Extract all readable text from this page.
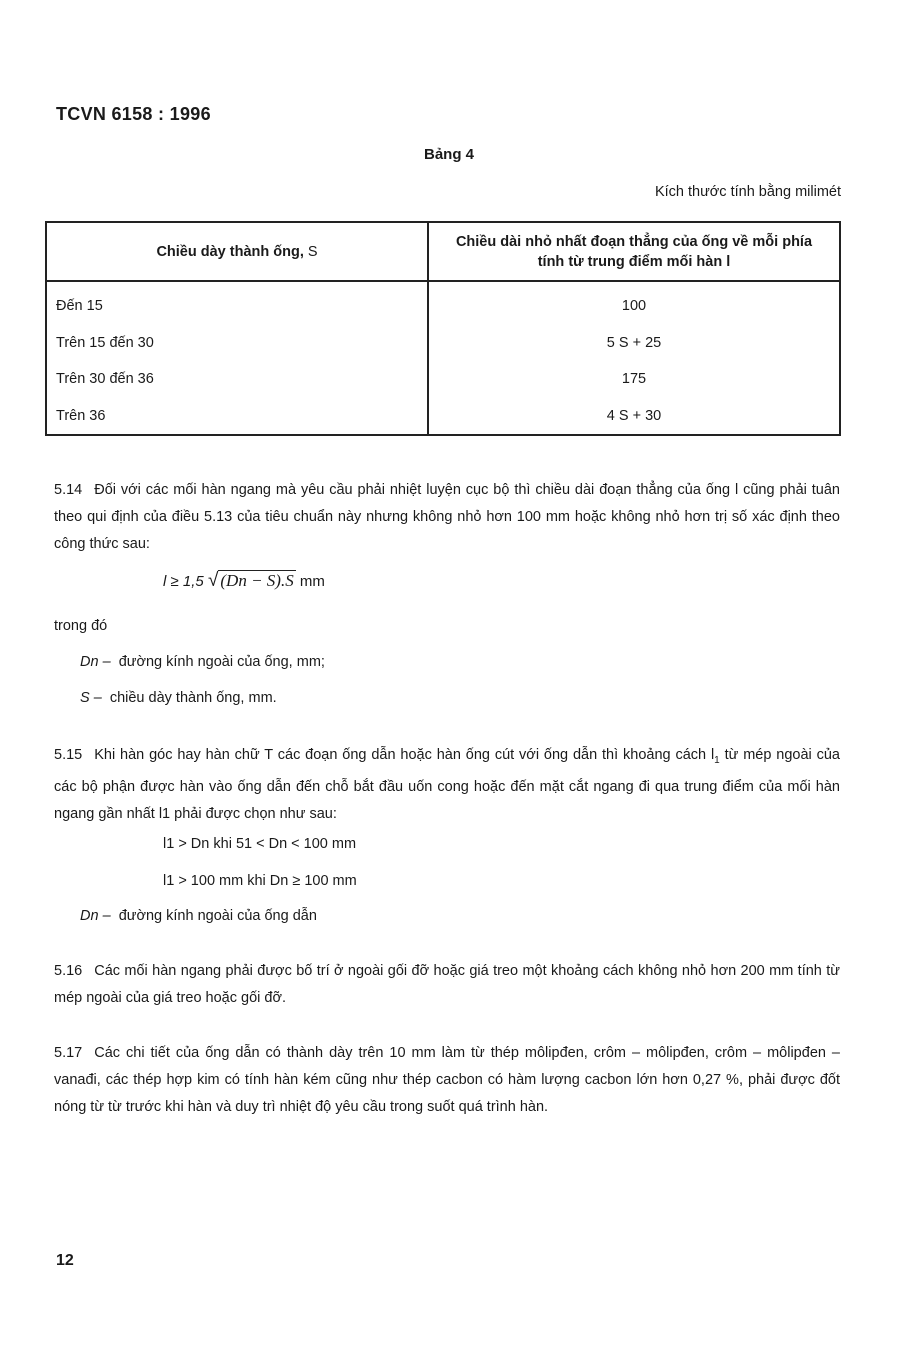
TCVN 6158 : 1996
Bảng 4
Kích thước tính bằng milimét
Chiều dày thành ống, S	Chiều dài nhỏ nhất đoạn thẳng của ống về mỗi phía tính từ trung điểm mối hàn l
Đến 15	100
Trên 15 đến 30	5 S + 25
Trên 30 đến 36	175
Trên 36	4 S + 30
5.14 Đối với các mối hàn ngang mà yêu cầu phải nhiệt luyện cục bộ thì chiều dài đoạn thẳng của ống l cũng phải tuân theo qui định của điều 5.13 của tiêu chuẩn này nhưng không nhỏ hơn 100 mm hoặc không nhỏ hơn trị số xác định theo công thức sau:
l ≥ 1,5 √ (Dn − S).S mm
trong đó
Dn – đường kính ngoài của ống, mm;
S – chiều dày thành ống, mm.
5.15 Khi hàn góc hay hàn chữ T các đoạn ống dẫn hoặc hàn ống cút với ống dẫn thì khoảng cách $l_1$ từ mép ngoài của các bộ phận được hàn vào ống dẫn đến chỗ bắt đầu uốn cong hoặc đến mặt cắt ngang đi qua trung điểm của mối hàn ngang gần nhất l1 phải được chọn như sau:
l1 > Dn khi 51 < Dn < 100 mm
l1 > 100 mm khi Dn ≥ 100 mm
Dn – đường kính ngoài của ống dẫn
5.16 Các mối hàn ngang phải được bố trí ở ngoài gối đỡ hoặc giá treo một khoảng cách không nhỏ hơn 200 mm tính từ mép ngoài của giá treo hoặc gối đỡ.
5.17 Các chi tiết của ống dẫn có thành dày trên 10 mm làm từ thép môlipđen, crôm – môlipđen, crôm – môlipđen – vanađi, các thép hợp kim có tính hàn kém cũng như thép cacbon có hàm lượng cacbon lớn hơn 0,27 %, phải được đốt nóng từ từ trước khi hàn và duy trì nhiệt độ yêu cầu trong suốt quá trình hàn.
12
